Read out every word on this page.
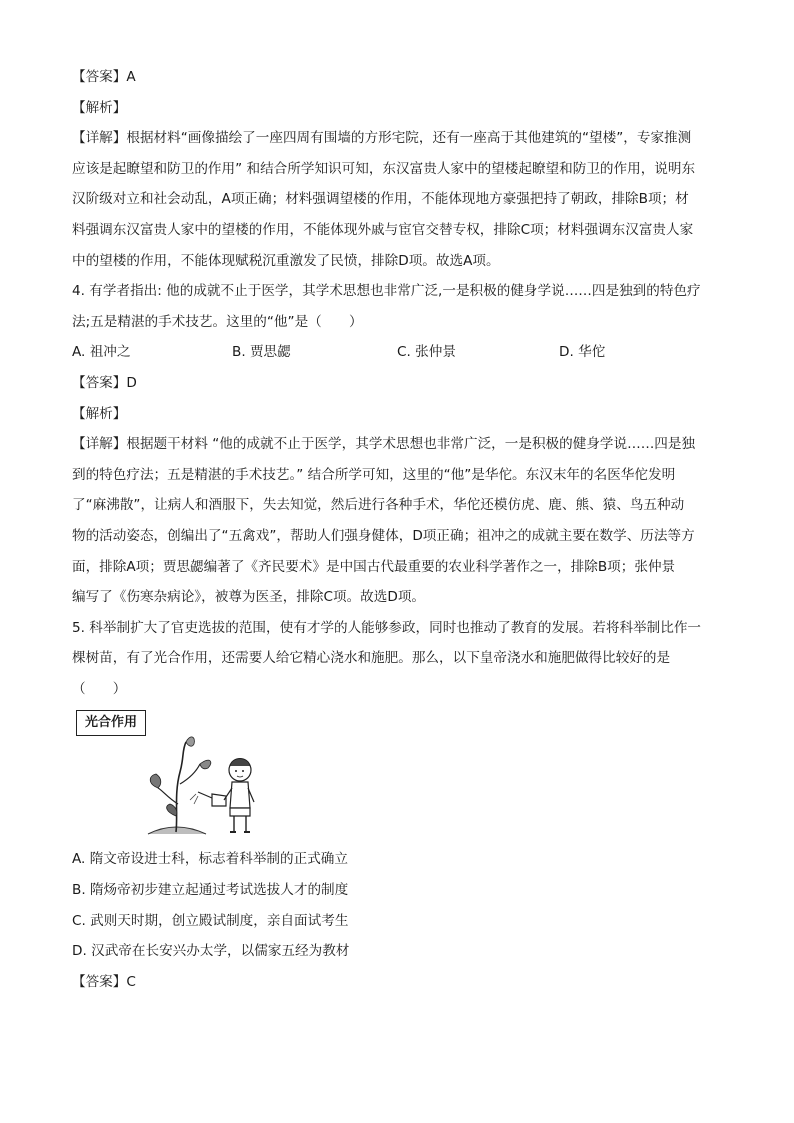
【答案】A
【解析】
【详解】根据材料“画像描绘了一座四周有围墙的方形宅院，还有一座高于其他建筑的“望楼”，专家推测
应该是起瞭望和防卫的作用” 和结合所学知识可知，东汉富贵人家中的望楼起瞭望和防卫的作用，说明东
汉阶级对立和社会动乱，A项正确；材料强调望楼的作用，不能体现地方豪强把持了朝政，排除B项；材
料强调东汉富贵人家中的望楼的作用，不能体现外戚与宦官交替专权，排除C项；材料强调东汉富贵人家
中的望楼的作用，不能体现赋税沉重激发了民愤，排除D项。故选A项。
4. 有学者指出: 他的成就不止于医学，其学术思想也非常广泛,一是积极的健身学说……四是独到的特色疗
法;五是精湛的手术技艺。这里的“他”是（　　）
A. 祖冲之	B. 贾思勰	C. 张仲景	D. 华佗
【答案】D
【解析】
【详解】根据题干材料 “他的成就不止于医学，其学术思想也非常广泛，一是积极的健身学说……四是独
到的特色疗法；五是精湛的手术技艺。” 结合所学可知，这里的“他”是华佗。东汉末年的名医华佗发明
了“麻沸散”，让病人和酒服下，失去知觉，然后进行各种手术，华佗还模仿虎、鹿、熊、猿、鸟五种动
物的活动姿态，创编出了“五禽戏”，帮助人们强身健体，D项正确；祖冲之的成就主要在数学、历法等方
面，排除A项；贾思勰编著了《齐民要术》是中国古代最重要的农业科学著作之一，排除B项；张仲景
编写了《伤寒杂病论》，被尊为医圣，排除C项。故选D项。
5. 科举制扩大了官吏选拔的范围，使有才学的人能够参政，同时也推动了教育的发展。若将科举制比作一
棵树苗，有了光合作用，还需要人给它精心浇水和施肥。那么，以下皇帝浇水和施肥做得比较好的是
（　　）
光合作用
A. 隋文帝设进士科，标志着科举制的正式确立
B. 隋炀帝初步建立起通过考试选拔人才的制度
C. 武则天时期，创立殿试制度，亲自面试考生
D. 汉武帝在长安兴办太学，以儒家五经为教材
【答案】C
